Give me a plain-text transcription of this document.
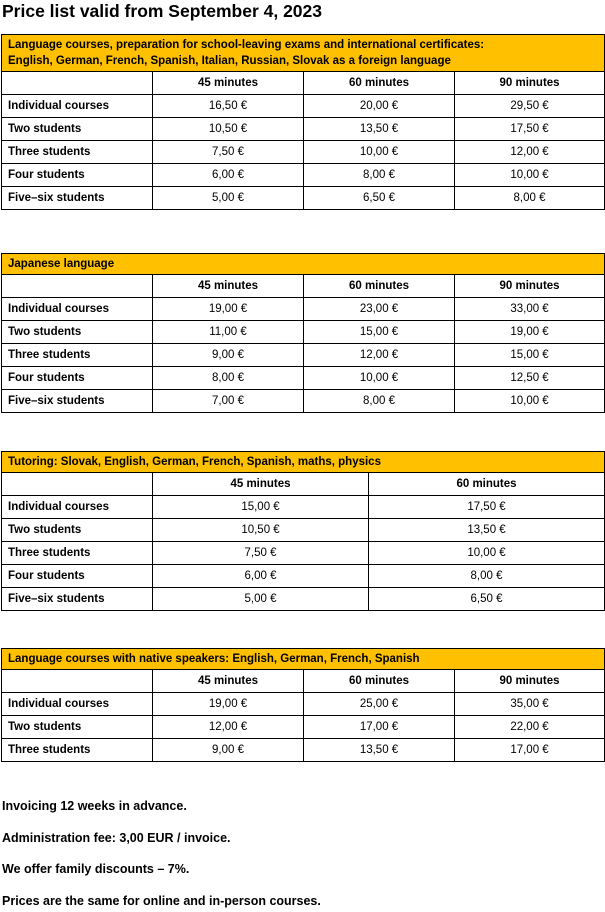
Price list valid from September 4, 2023
Language courses, preparation for school-leaving exams and international certificates:
English, German, French, Spanish, Italian, Russian, Slovak as a foreign language			

	45 minutes	60 minutes	90 minutes
Individual courses	16,50 €	20,00 €	29,50 €
Two students	10,50 €	13,50 €	17,50 €
Three students	7,50 €	10,00 €	12,00 €
Four students	6,00 €	8,00 €	10,00 €
Five–six students	5,00 €	6,50 €	8,00 €
Japanese language			

	45 minutes	60 minutes	90 minutes
Individual courses	19,00 €	23,00 €	33,00 €
Two students	11,00 €	15,00 €	19,00 €
Three students	9,00 €	12,00 €	15,00 €
Four students	8,00 €	10,00 €	12,50 €
Five–six students	7,00 €	8,00 €	10,00 €
Tutoring: Slovak, English, German, French, Spanish, maths, physics		

	45 minutes	60 minutes
Individual courses	15,00 €	17,50 €
Two students	10,50 €	13,50 €
Three students	7,50 €	10,00 €
Four students	6,00 €	8,00 €
Five–six students	5,00 €	6,50 €
Language courses with native speakers: English, German, French, Spanish			

	45 minutes	60 minutes	90 minutes
Individual courses	19,00 €	25,00 €	35,00 €
Two students	12,00 €	17,00 €	22,00 €
Three students	9,00 €	13,50 €	17,00 €
Invoicing 12 weeks in advance.
Administration fee: 3,00 EUR / invoice.
We offer family discounts – 7%.
Prices are the same for online and in-person courses.
